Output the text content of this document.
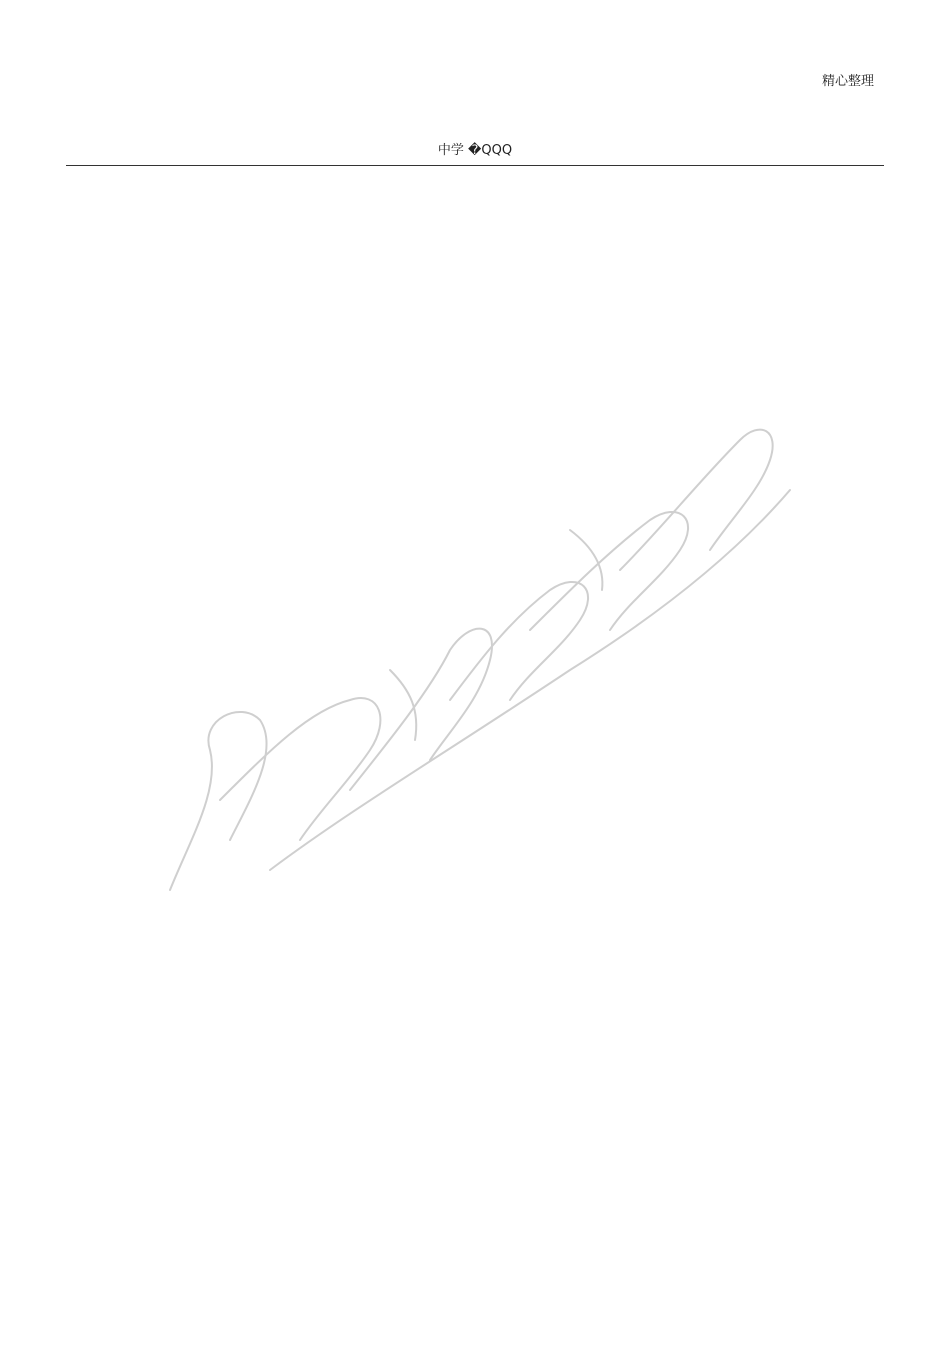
精心整理
中学 �QQQ
